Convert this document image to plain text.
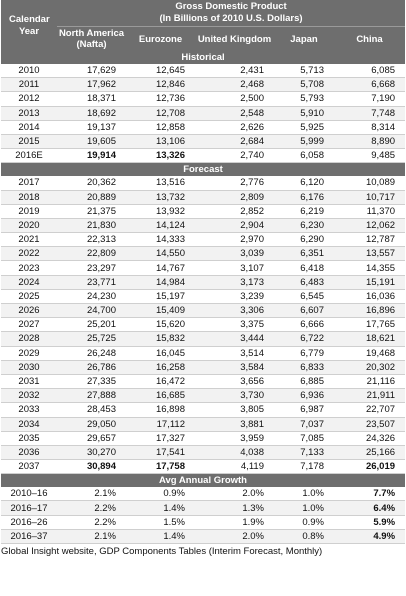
Calendar Year	Gross Domestic Product
(In Billions of 2010 U.S. Dollars)				

	North America (Nafta)	Eurozone	United Kingdom	Japan	China
Historical					
2010	17,629	12,645	2,431	5,713	6,085
2011	17,962	12,846	2,468	5,708	6,668
2012	18,371	12,736	2,500	5,793	7,190
2013	18,692	12,708	2,548	5,910	7,748
2014	19,137	12,858	2,626	5,925	8,314
2015	19,605	13,106	2,684	5,999	8,890
2016E	19,914	13,326	2,740	6,058	9,485
Forecast					
2017	20,362	13,516	2,776	6,120	10,089
2018	20,889	13,732	2,809	6,176	10,717
2019	21,375	13,932	2,852	6,219	11,370
2020	21,830	14,124	2,904	6,230	12,062
2021	22,313	14,333	2,970	6,290	12,787
2022	22,809	14,550	3,039	6,351	13,557
2023	23,297	14,767	3,107	6,418	14,355
2024	23,771	14,984	3,173	6,483	15,191
2025	24,230	15,197	3,239	6,545	16,036
2026	24,700	15,409	3,306	6,607	16,896
2027	25,201	15,620	3,375	6,666	17,765
2028	25,725	15,832	3,444	6,722	18,621
2029	26,248	16,045	3,514	6,779	19,468
2030	26,786	16,258	3,584	6,833	20,302
2031	27,335	16,472	3,656	6,885	21,116
2032	27,888	16,685	3,730	6,936	21,911
2033	28,453	16,898	3,805	6,987	22,707
2034	29,050	17,112	3,881	7,037	23,507
2035	29,657	17,327	3,959	7,085	24,326
2036	30,270	17,541	4,038	7,133	25,166
2037	30,894	17,758	4,119	7,178	26,019
Avg Annual Growth					
2010–16	2.1%	0.9%	2.0%	1.0%	7.7%
2016–17	2.2%	1.4%	1.3%	1.0%	6.4%
2016–26	2.2%	1.5%	1.9%	0.9%	5.9%
2016–37	2.1%	1.4%	2.0%	0.8%	4.9%
Global Insight website, GDP Components Tables (Interim Forecast, Monthly)
